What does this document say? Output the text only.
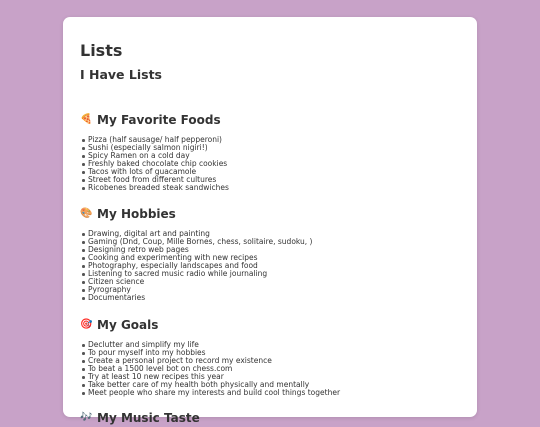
Lists
I Have Lists
🍕 My Favorite Foods
Pizza (half sausage/ half pepperoni)
Sushi (especially salmon nigiri!)
Spicy Ramen on a cold day
Freshly baked chocolate chip cookies
Tacos with lots of guacamole
Street food from different cultures
Ricobenes breaded steak sandwiches
🎨 My Hobbies
Drawing, digital art and painting
Gaming (Dnd, Coup, Mille Bornes, chess, solitaire, sudoku, )
Designing retro web pages
Cooking and experimenting with new recipes
Photography, especially landscapes and food
Listening to sacred music radio while journaling
Citizen science
Pyrography
Documentaries
🎯 My Goals
Declutter and simplify my life
To pour myself into my hobbies
Create a personal project to record my existence
To beat a 1500 level bot on chess.com
Try at least 10 new recipes this year
Take better care of my health both physically and mentally
Meet people who share my interests and build cool things together
🎶 My Music Taste
